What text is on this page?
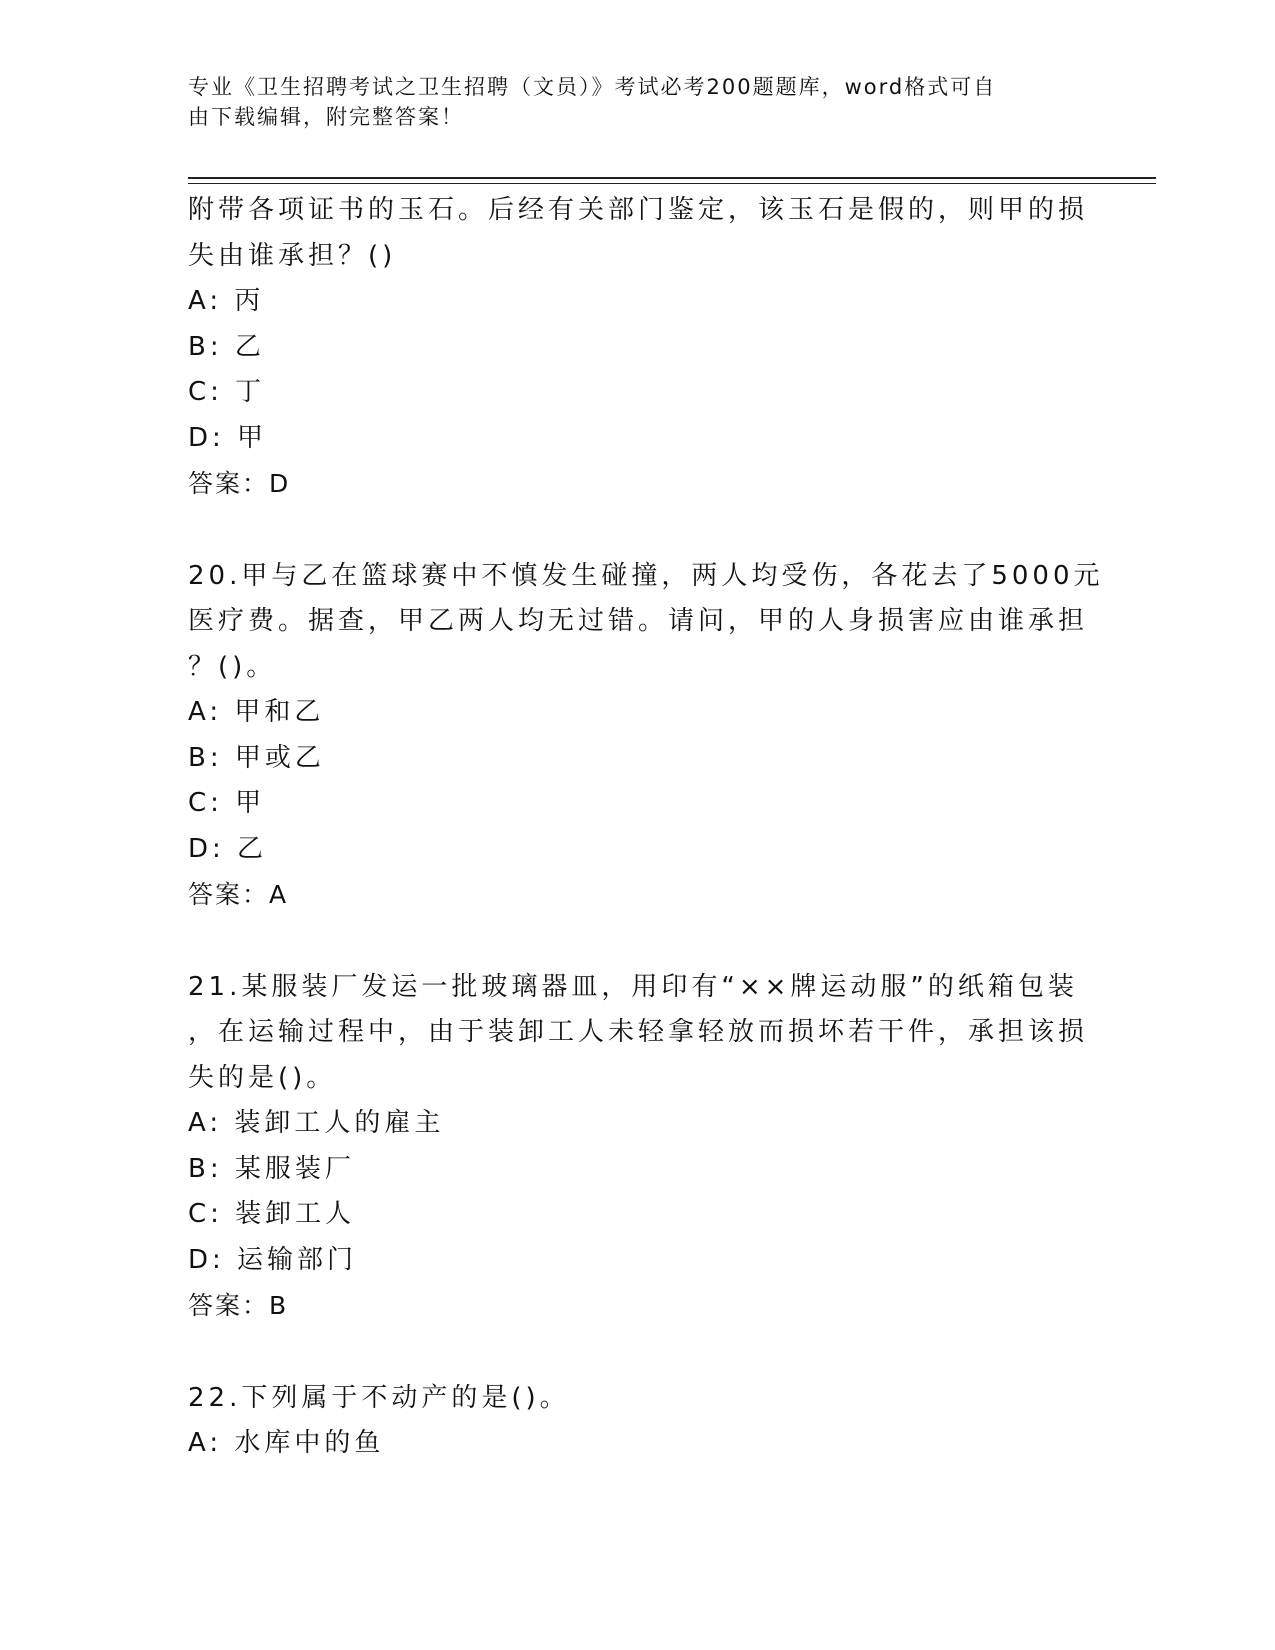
专业《卫生招聘考试之卫生招聘（文员）》考试必考200题题库，word格式可自
由下载编辑，附完整答案！
附带各项证书的玉石。后经有关部门鉴定，该玉石是假的，则甲的损
失由谁承担？()
A: 丙
B: 乙
C: 丁
D: 甲
答案：D
20.甲与乙在篮球赛中不慎发生碰撞，两人均受伤，各花去了5000元
医疗费。据查，甲乙两人均无过错。请问，甲的人身损害应由谁承担
？()。
A: 甲和乙
B: 甲或乙
C: 甲
D: 乙
答案：A
21.某服装厂发运一批玻璃器皿，用印有“××牌运动服”的纸箱包装
，在运输过程中，由于装卸工人未轻拿轻放而损坏若干件，承担该损
失的是()。
A: 装卸工人的雇主
B: 某服装厂
C: 装卸工人
D: 运输部门
答案：B
22.下列属于不动产的是()。
A: 水库中的鱼
